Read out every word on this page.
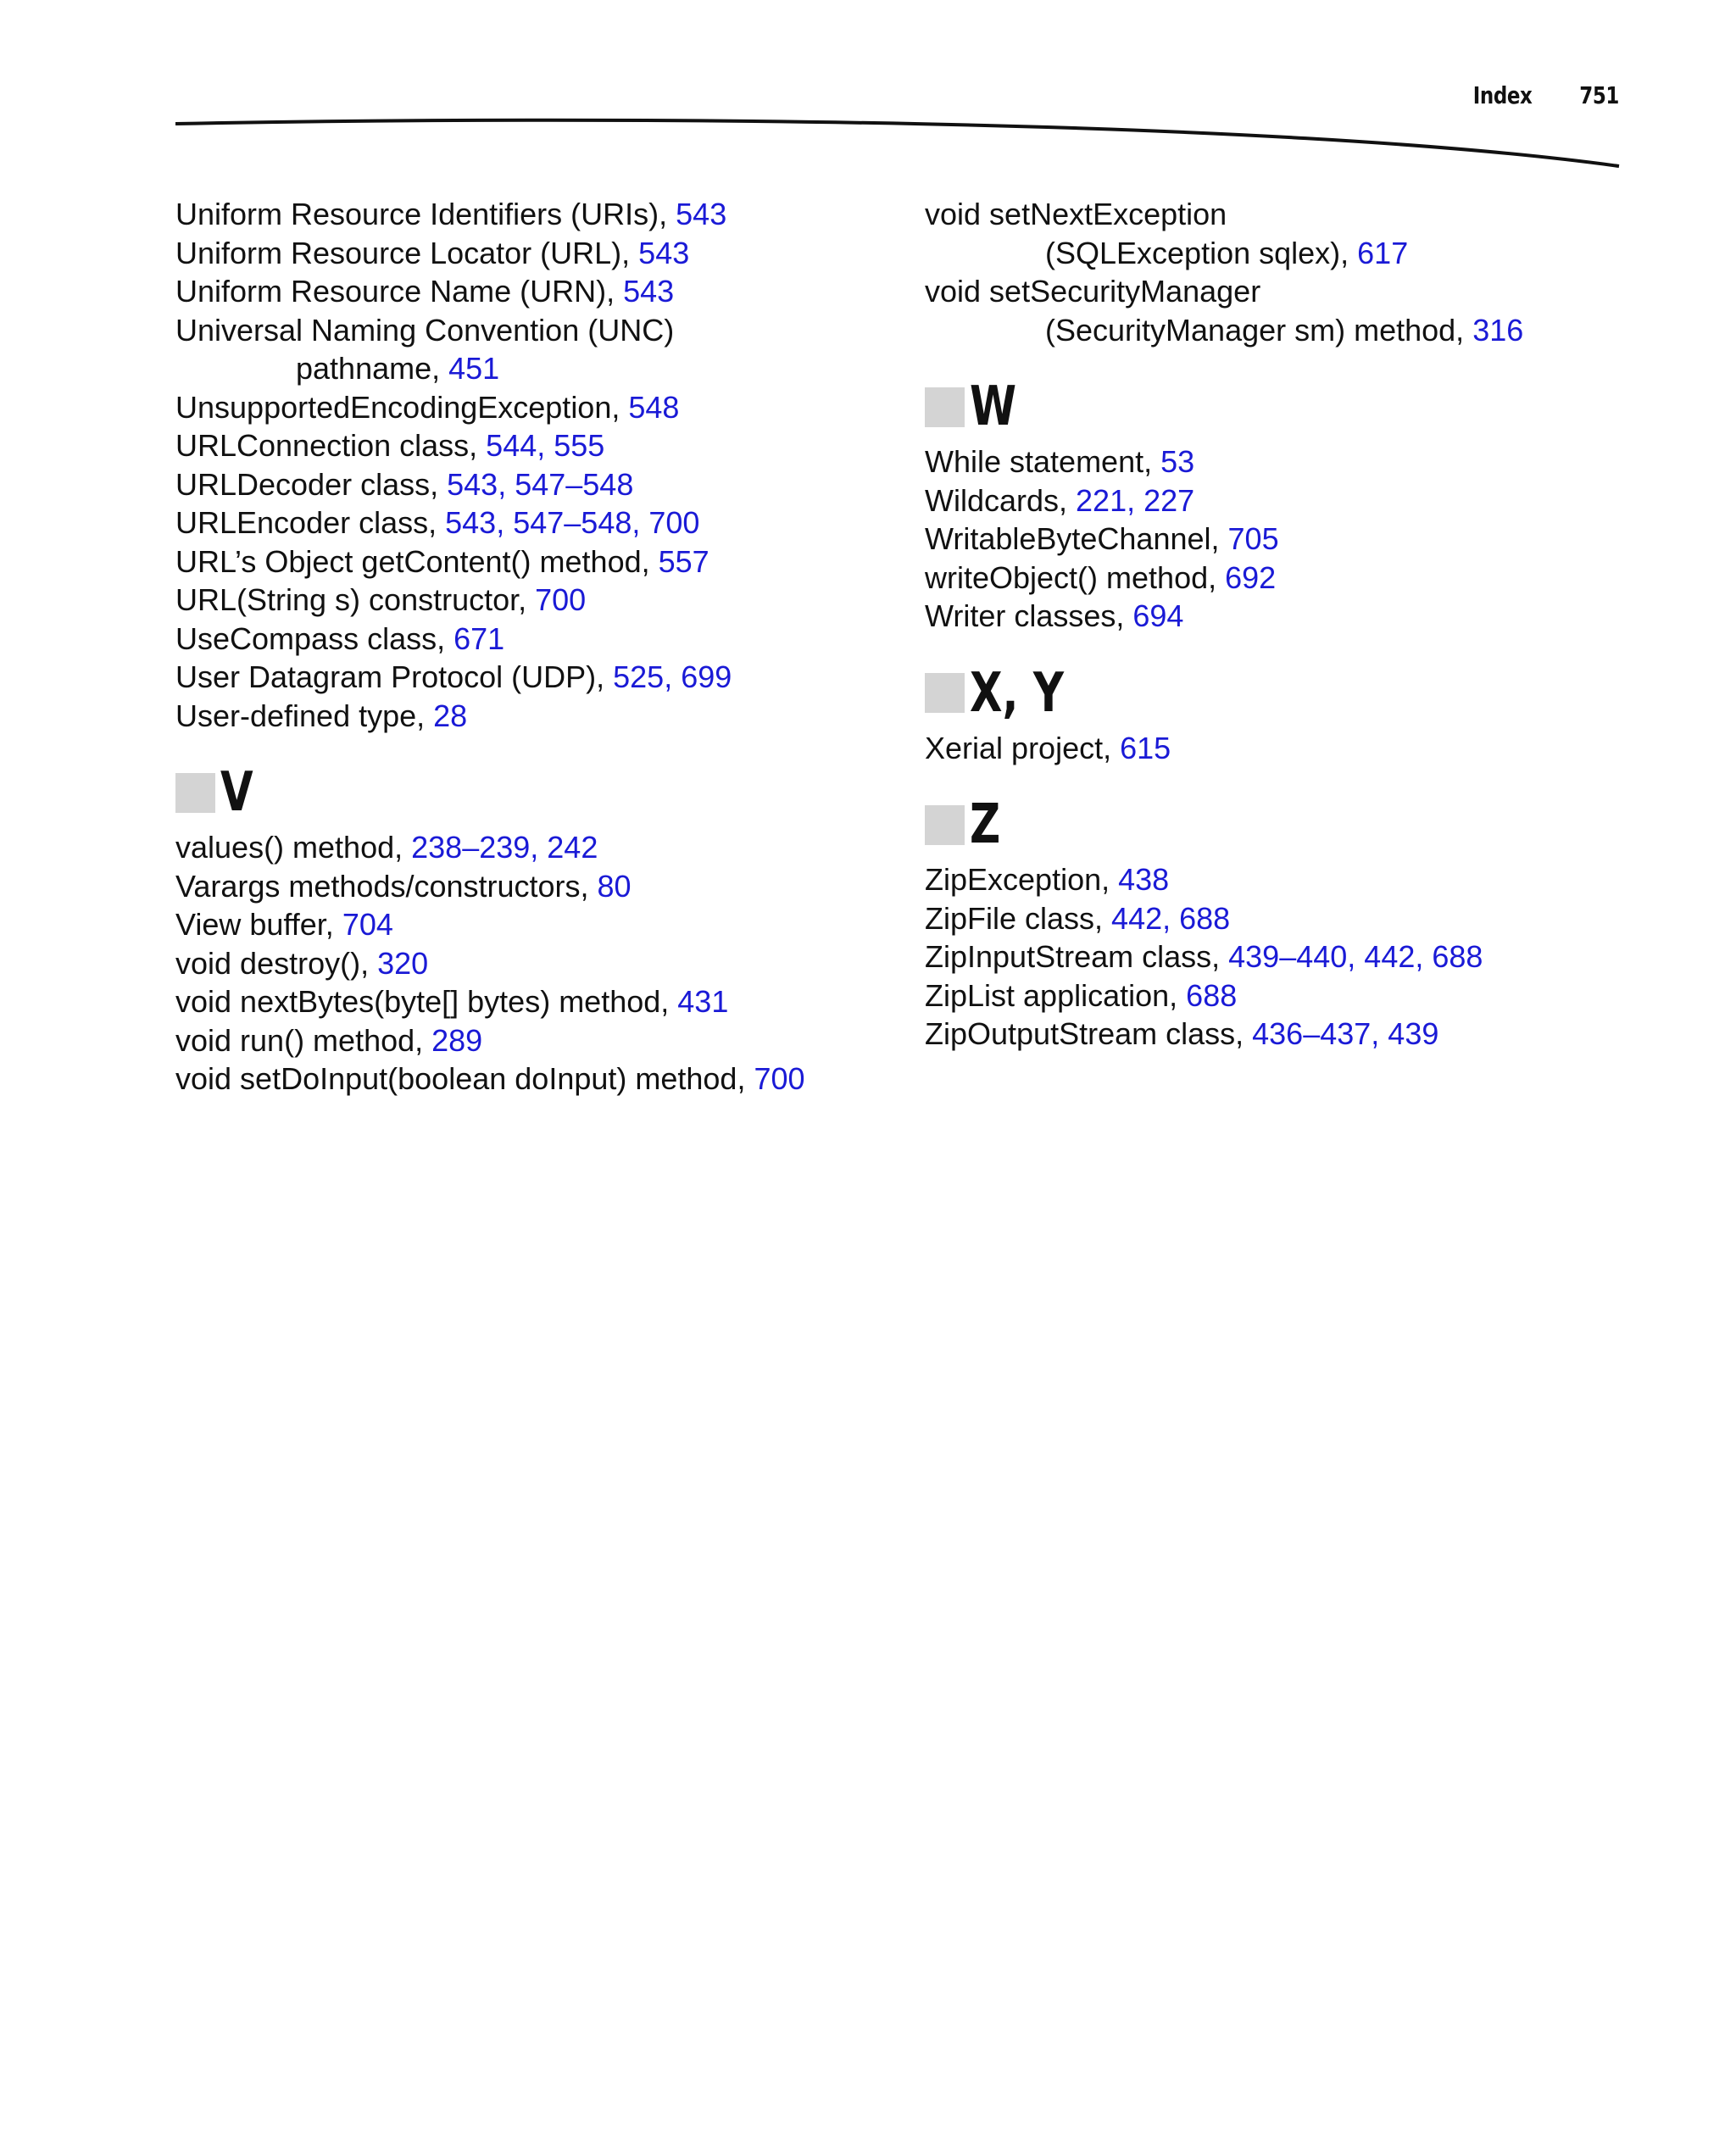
Index 751
Uniform Resource Identifiers (URIs), 543
Uniform Resource Locator (URL), 543
Uniform Resource Name (URN), 543
Universal Naming Convention (UNC)
pathname, 451
UnsupportedEncodingException, 548
URLConnection class, 544, 555
URLDecoder class, 543, 547–548
URLEncoder class, 543, 547–548, 700
URL’s Object getContent() method, 557
URL(String s) constructor, 700
UseCompass class, 671
User Datagram Protocol (UDP), 525, 699
User-defined type, 28
V
values() method, 238–239, 242
Varargs methods/constructors, 80
View buffer, 704
void destroy(), 320
void nextBytes(byte[] bytes) method, 431
void run() method, 289
void setDoInput(boolean doInput) method, 700
void setNextException
(SQLException sqlex), 617
void setSecurityManager
(SecurityManager sm) method, 316
W
While statement, 53
Wildcards, 221, 227
WritableByteChannel, 705
writeObject() method, 692
Writer classes, 694
X, Y
Xerial project, 615
Z
ZipException, 438
ZipFile class, 442, 688
ZipInputStream class, 439–440, 442, 688
ZipList application, 688
ZipOutputStream class, 436–437, 439
